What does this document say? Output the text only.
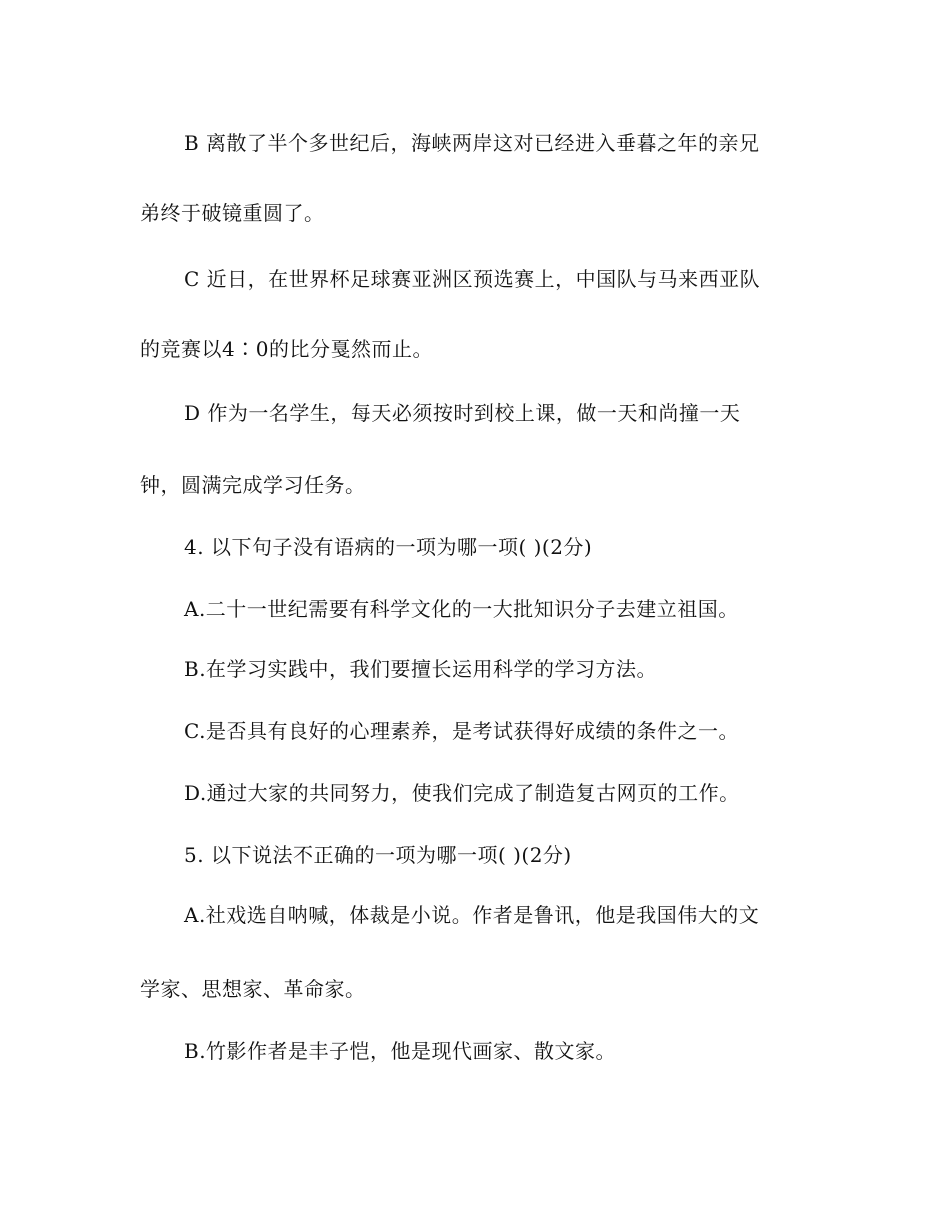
B 离散了半个多世纪后，海峡两岸这对已经进入垂暮之年的亲兄
弟终于破镜重圆了。
C 近日，在世界杯足球赛亚洲区预选赛上，中国队与马来西亚队
的竞赛以4∶0的比分戛然而止。
D 作为一名学生，每天必须按时到校上课，做一天和尚撞一天
钟，圆满完成学习任务。
4. 以下句子没有语病的一项为哪一项( )(2分)
A.二十一世纪需要有科学文化的一大批知识分子去建立祖国。
B.在学习实践中，我们要擅长运用科学的学习方法。
C.是否具有良好的心理素养，是考试获得好成绩的条件之一。
D.通过大家的共同努力，使我们完成了制造复古网页的工作。
5. 以下说法不正确的一项为哪一项( )(2分)
A.社戏选自呐喊，体裁是小说。作者是鲁讯，他是我国伟大的文
学家、思想家、革命家。
B.竹影作者是丰子恺，他是现代画家、散文家。
